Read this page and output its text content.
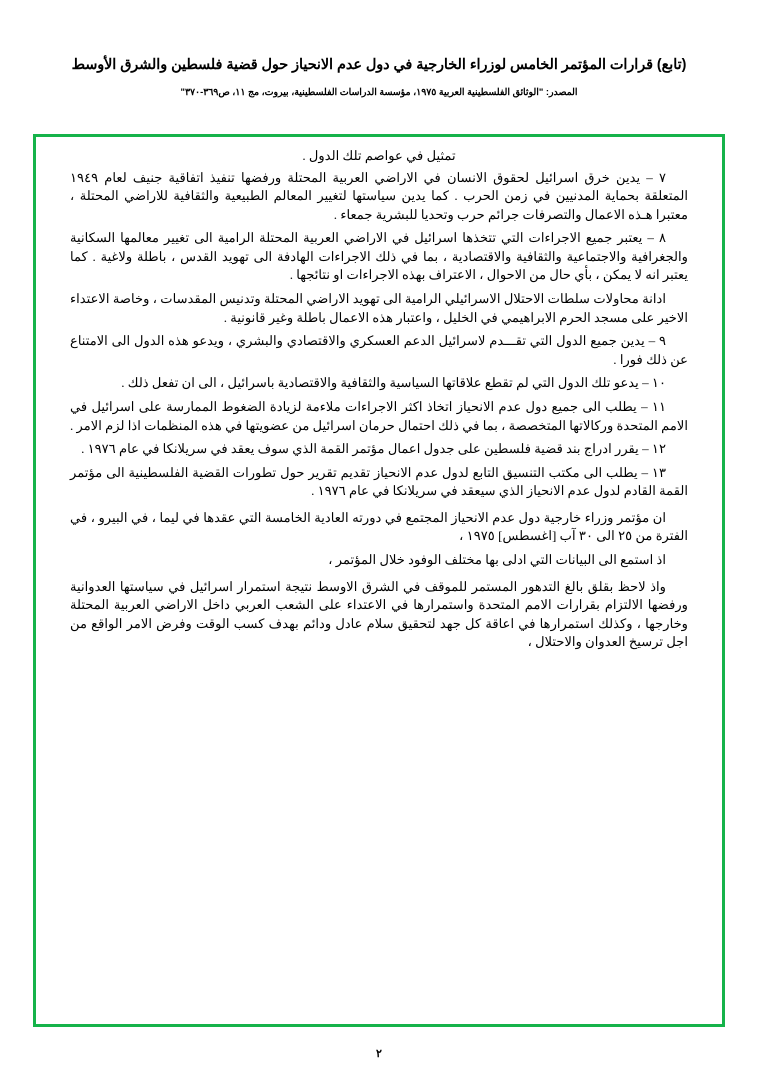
(تابع) قرارات المؤتمر الخامس لوزراء الخارجية في دول عدم الانحياز حول قضية فلسطين والشرق الأوسط
المصدر: "الوثائق الفلسطينية العربية ١٩٧٥، مؤسسة الدراسات الفلسطينية، بيروت، مج ١١، ص٣٦٩-٣٧٠"
تمثيل في عواصم تلك الدول .
٧ – يدين خرق اسرائيل لحقوق الانسان في الاراضي العربية المحتلة ورفضها تنفيذ اتفاقية جنيف لعام ١٩٤٩ المتعلقة بحماية المدنيين في زمن الحرب . كما يدين سياستها لتغيير المعالم الطبيعية والثقافية للاراضي المحتلة ، معتبرا هـذه الاعمال والتصرفات جرائم حرب وتحديا للبشرية جمعاء .
٨ – يعتبر جميع الاجراءات التي تتخذها اسرائيل في الاراضي العربية المحتلة الرامية الى تغيير معالمها السكانية والجغرافية والاجتماعية والثقافية والاقتصادية ، بما في ذلك الاجراءات الهادفة الى تهويد القدس ، باطلة ولاغية . كما يعتبر انه لا يمكن ، بأي حال من الاحوال ، الاعتراف بهذه الاجراءات او نتائجها .
ادانة محاولات سلطات الاحتلال الاسرائيلي الرامية الى تهويد الاراضي المحتلة وتدنيس المقدسات ، وخاصة الاعتداء الاخير على مسجد الحرم الابراهيمي في الخليل ، واعتبار هذه الاعمال باطلة وغير قانونية .
٩ – يدين جميع الدول التي تقـــدم لاسرائيل الدعم العسكري والاقتصادي والبشري ، ويدعو هذه الدول الى الامتناع عن ذلك فورا .
١٠ – يدعو تلك الدول التي لم تقطع علاقاتها السياسية والثقافية والاقتصادية باسرائيل ، الى ان تفعل ذلك .
١١ – يطلب الى جميع دول عدم الانحياز اتخاذ اكثر الاجراءات ملاءمة لزيادة الضغوط الممارسة على اسرائيل في الامم المتحدة وركالاتها المتخصصة ، بما في ذلك احتمال حرمان اسرائيل من عضويتها في هذه المنظمات اذا لزم الامر .
١٢ – يقرر ادراج بند قضية فلسطين على جدول اعمال مؤتمر القمة الذي سوف يعقد في سريلانكا في عام ١٩٧٦ .
١٣ – يطلب الى مكتب التنسيق التابع لدول عدم الانحياز تقديم تقرير حول تطورات القضية الفلسطينية الى مؤتمر القمة القادم لدول عدم الانحياز الذي سيعقد في سريلانكا في عام ١٩٧٦ .
ان مؤتمر وزراء خارجية دول عدم الانحياز المجتمع في دورته العادية الخامسة التي عقدها في ليما ، في البيرو ، في الفترة من ٢٥ الى ٣٠ آب [اغسطس] ١٩٧٥ ،
اذ استمع الى البيانات التي ادلى بها مختلف الوفود خلال المؤتمر ،
واذ لاحظ بقلق بالغ التدهور المستمر للموقف في الشرق الاوسط نتيجة استمرار اسرائيل في سياستها العدوانية ورفضها الالتزام بقرارات الامم المتحدة واستمرارها في الاعتداء على الشعب العربي داخل الاراضي العربية المحتلة وخارجها ، وكذلك استمرارها في اعاقة كل جهد لتحقيق سلام عادل ودائم بهدف كسب الوقت وفرض الامر الواقع من اجل ترسيخ العدوان والاحتلال ،
٢
